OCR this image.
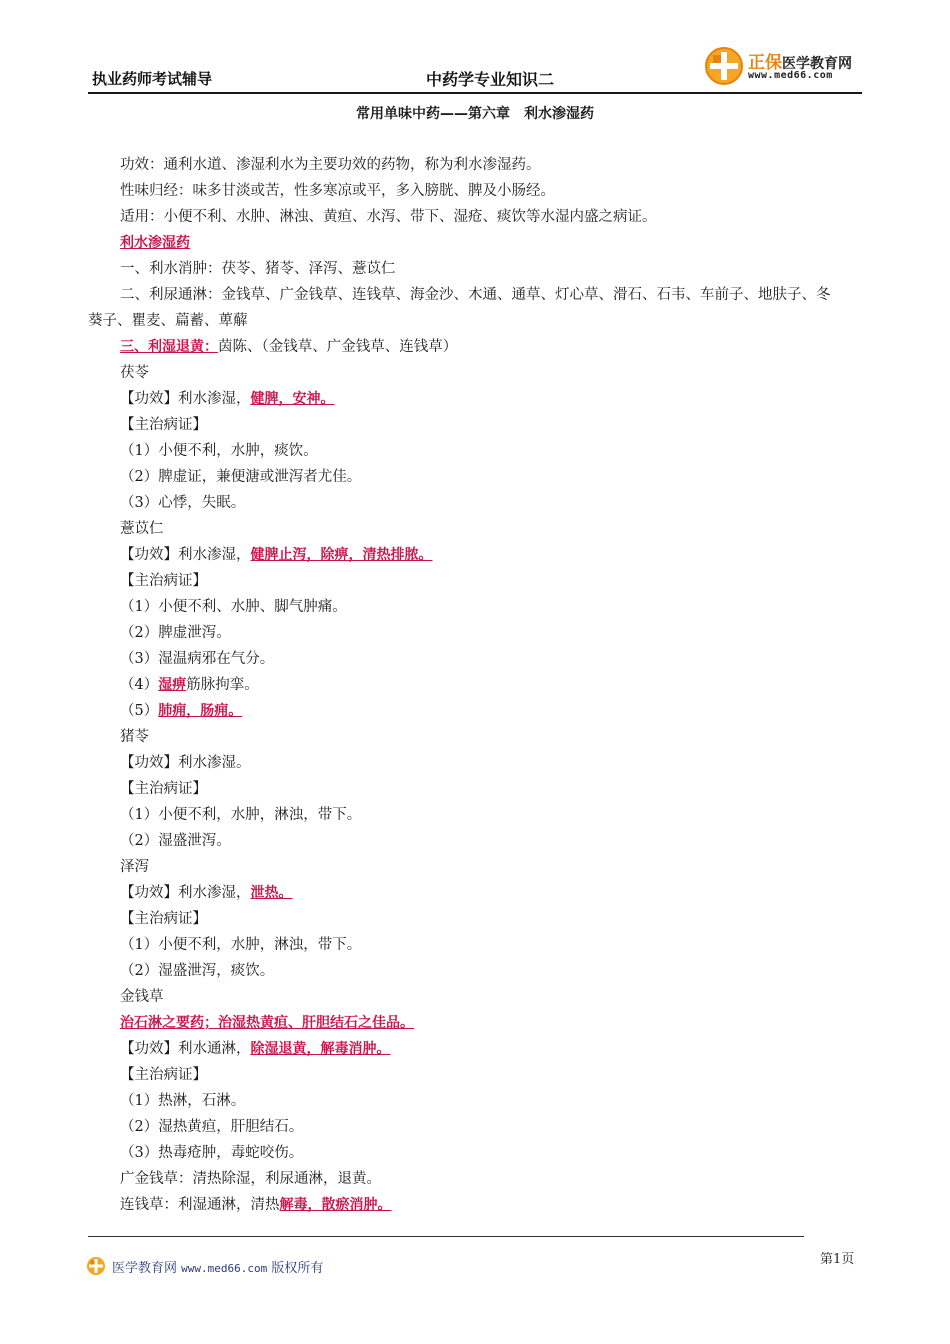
执业药师考试辅导	中药学专业知识二
正保医学教育网
www.med66.com
常用单味中药——第六章　利水渗湿药
功效：通利水道、渗湿利水为主要功效的药物，称为利水渗湿药。
性味归经：味多甘淡或苦，性多寒凉或平，多入膀胱、脾及小肠经。
适用：小便不利、水肿、淋浊、黄疸、水泻、带下、湿疮、痰饮等水湿内盛之病证。
利水渗湿药
一、利水消肿：茯苓、猪苓、泽泻、薏苡仁
二、利尿通淋：金钱草、广金钱草、连钱草、海金沙、木通、通草、灯心草、滑石、石韦、车前子、地肤子、冬
葵子、瞿麦、萹蓄、萆薢
三、利湿退黄：茵陈、（金钱草、广金钱草、连钱草）
茯苓
【功效】利水渗湿，健脾，安神。
【主治病证】
（1）小便不利，水肿，痰饮。
（2）脾虚证，兼便溏或泄泻者尤佳。
（3）心悸，失眠。
薏苡仁
【功效】利水渗湿，健脾止泻，除痹，清热排脓。
【主治病证】
（1）小便不利、水肿、脚气肿痛。
（2）脾虚泄泻。
（3）湿温病邪在气分。
（4）湿痹筋脉拘挛。
（5）肺痈，肠痈。
猪苓
【功效】利水渗湿。
【主治病证】
（1）小便不利，水肿，淋浊，带下。
（2）湿盛泄泻。
泽泻
【功效】利水渗湿，泄热。
【主治病证】
（1）小便不利，水肿，淋浊，带下。
（2）湿盛泄泻，痰饮。
金钱草
治石淋之要药；治湿热黄疸、肝胆结石之佳品。
【功效】利水通淋，除湿退黄，解毒消肿。
【主治病证】
（1）热淋，石淋。
（2）湿热黄疸，肝胆结石。
（3）热毒疮肿，毒蛇咬伤。
广金钱草：清热除湿，利尿通淋，退黄。
连钱草：利湿通淋，清热解毒，散瘀消肿。
医学教育网 www.med66.com 版权所有
第1页
